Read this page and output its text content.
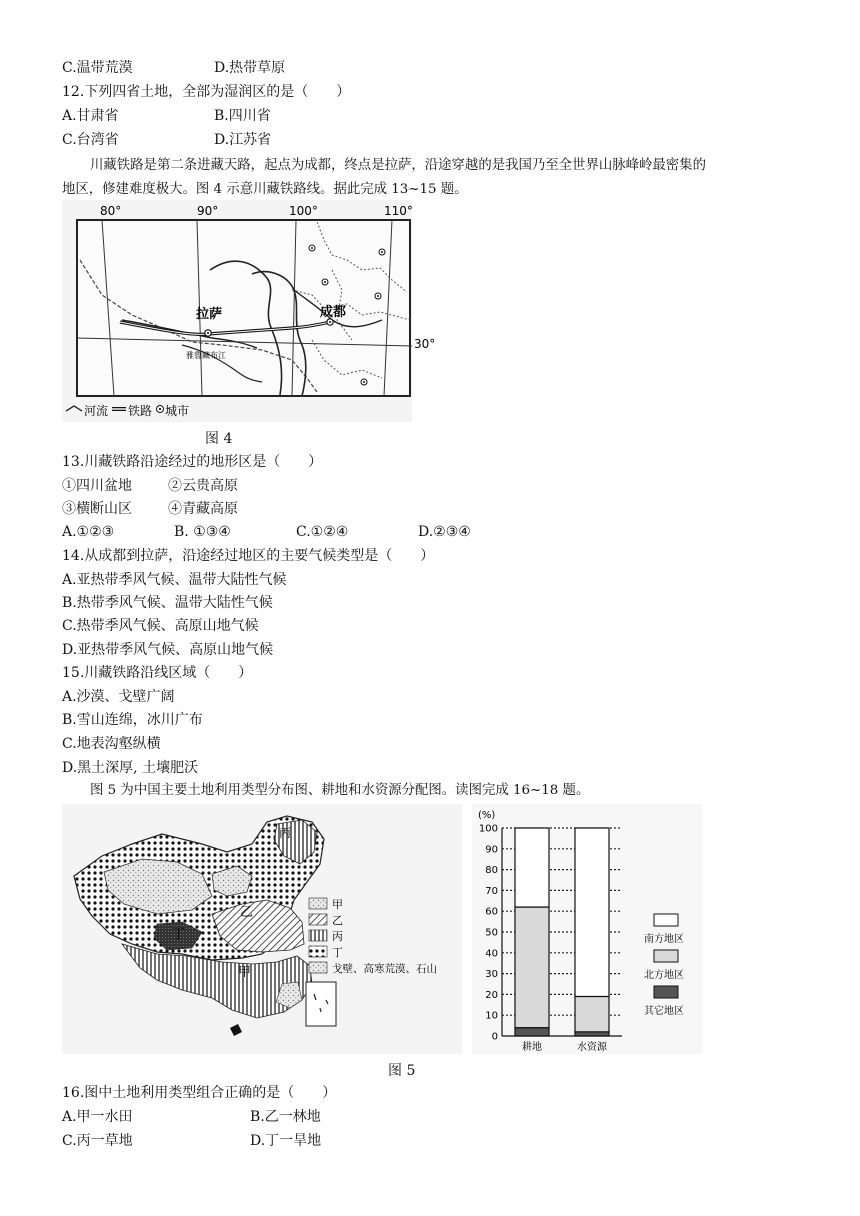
C.温带荒漠	D.热带草原
12.下列四省土地，全部为湿润区的是（　　）
A.甘肃省	B.四川省
C.台湾省	D.江苏省
川藏铁路是第二条进藏天路，起点为成都，终点是拉萨，沿途穿越的是我国乃至全世界山脉峰岭最密集的
地区，修建难度极大。图 4 示意川藏铁路线。据此完成 13~15 题。
80°	90°	100°	110°
30°
拉萨	成都
雅鲁藏布江
河流 铁路 城市
图 4
13.川藏铁路沿途经过的地形区是（　　）
①四川盆地	②云贵高原
③横断山区	④青藏高原
A.①②③	B. ①③④	C.①②④	D.②③④
14.从成都到拉萨，沿途经过地区的主要气候类型是（　　）
A.亚热带季风气候、温带大陆性气候
B.热带季风气候、温带大陆性气候
C.热带季风气候、高原山地气候
D.亚热带季风气候、高原山地气候
15.川藏铁路沿线区域（　　）
A.沙漠、戈壁广阔
B.雪山连绵，冰川广布
C.地表沟壑纵横
D.黑土深厚, 土壤肥沃
图 5 为中国主要土地利用类型分布图、耕地和水资源分配图。读图完成 16~18 题。
丙
乙
丁
甲
甲
乙
丙
丁
戈壁、高寒荒漠、石山
(%)
0
10
20
30
40
50
60
70
80
90
100
耕地	水资源
南方地区
北方地区
其它地区
图 5
16.图中土地利用类型组合正确的是（　　）
A.甲一水田	B.乙一林地
C.丙一草地	D.丁一旱地
